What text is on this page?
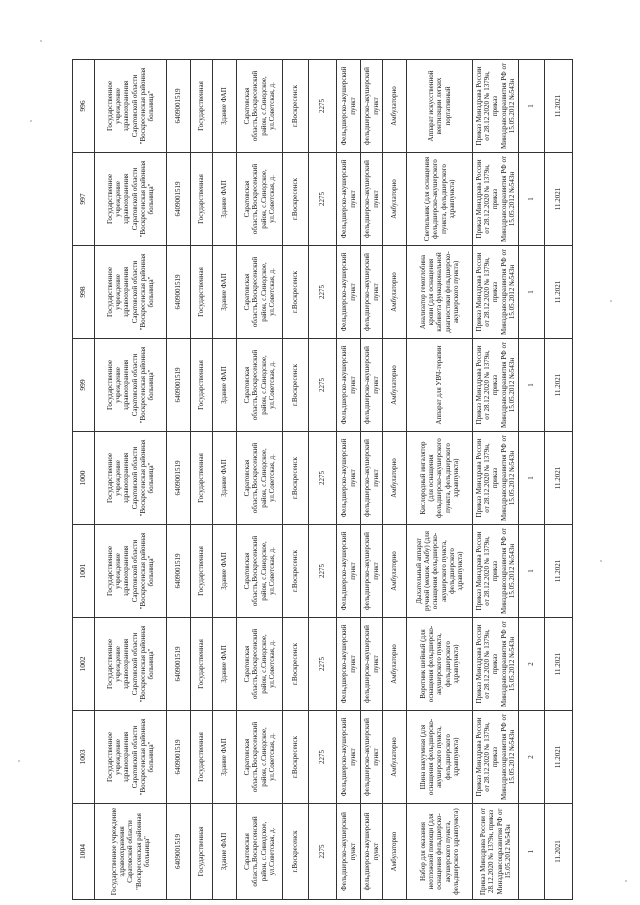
1004	1003	1002	1001	1000	999	998	997	996
Государственное учреждение здравоохранения Саратовской области "Воскресенская районная больница"	Государственное учреждение здравоохранения Саратовской области "Воскресенская районная больница"	Государственное учреждение здравоохранения Саратовской области "Воскресенская районная больница"	Государственное учреждение здравоохранения Саратовской области "Воскресенская районная больница"	Государственное учреждение здравоохранения Саратовской области "Воскресенская районная больница"	Государственное учреждение здравоохранения Саратовской области "Воскресенская районная больница"	Государственное учреждение здравоохранения Саратовской области "Воскресенская районная больница"	Государственное учреждение здравоохранения Саратовской области "Воскресенская районная больница"	Государственное учреждение здравоохранения Саратовской области "Воскресенская районная больница"
6409001519	6409001519	6409001519	6409001519	6409001519	6409001519	6409001519	6409001519	6409001519
Государственная	Государственная	Государственная	Государственная	Государственная	Государственная	Государственная	Государственная	Государственная
Здание ФАП	Здание ФАП	Здание ФАП	Здание ФАП	Здание ФАП	Здание ФАП	Здание ФАП	Здание ФАП	Здание ФАП
Саратовская область,Воскресенский район, с.Синодское, ул.Советская, д.	Саратовская область,Воскресенский район, с.Синодское, ул.Советская, д.	Саратовская область,Воскресенский район, с.Синодское, ул.Советская, д.	Саратовская область,Воскресенский район, с.Синодское, ул.Советская, д.	Саратовская область,Воскресенский район, с.Синодское, ул.Советская, д.	Саратовская область,Воскресенский район, с.Синодское, ул.Советская, д.	Саратовская область,Воскресенский район, с.Синодское, ул.Советская, д.	Саратовская область,Воскресенский район, с.Синодское, ул.Советская, д.	Саратовская область,Воскресенский район, с.Синодское, ул.Советская, д.
г.Воскресенск	г.Воскресенск	г.Воскресенск	г.Воскресенск	г.Воскресенск	г.Воскресенск	г.Воскресенск	г.Воскресенск	г.Воскресенск
2275	2275	2275	2275	2275	2275	2275	2275	2275
Фельдшерско-акушерский пункт	Фельдшерско-акушерский пункт	Фельдшерско-акушерский пункт	Фельдшерско-акушерский пункт	Фельдшерско-акушерский пункт	Фельдшерско-акушерский пункт	Фельдшерско-акушерский пункт	Фельдшерско-акушерский пункт	Фельдшерско-акушерский пункт
фельдшерско-акушерский пункт	фельдшерско-акушерский пункт	фельдшерско-акушерский пункт	фельдшерско-акушерский пункт	фельдшерско-акушерский пункт	фельдшерско-акушерский пункт	фельдшерско-акушерский пункт	фельдшерско-акушерский пункт	фельдшерско-акушерский пункт
Амбулаторно	Амбулаторно	Амбулаторно	Амбулаторно	Амбулаторно	Амбулаторно	Амбулаторно	Амбулаторно	Амбулаторно
Набор для оказания неотложной помощи (для оснащения фельдшерско-акушерского пункта, фельдшерского здравпункта)	Шина вакуумная (для оснащения фельдшерско-акушерского пункта, фельдшерского здравпункта)	Воротник шейный (для оснащения фельдшерско-акушерского пункта, фельдшерского здравпункта)	Дыхательный аппарат ручной (мешок Амбу) (для оснащения фельдшерско-акушерского пункта, фельдшерского здравпункта)	Кислородный ингалятор (для оснащения фельдшерско-акушерского пункта, фельдшерского здравпункта)	Аппарат для УВЧ-терапии	Анализатор гемоглобина крови (для оснащения кабинета функциональной диагностики фельдшерско-акушерского пункта)	Светильник (для оснащения фельдшерско-акушерского пункта, фельдшерского здравпункта)	Аппарат искусственной вентиляции легких портативный
Приказ Минздрава России от 28.12.2020 № 1379н, приказ Минздравсоцразвития РФ от 15.05.2012 №543н	Приказ Минздрава России от 28.12.2020 № 1379н, приказ Минздравсоцразвития РФ от 15.05.2012 №543н	Приказ Минздрава России от 28.12.2020 № 1379н, приказ Минздравсоцразвития РФ от 15.05.2012 №543н	Приказ Минздрава России от 28.12.2020 № 1379н, приказ Минздравсоцразвития РФ от 15.05.2012 №543н	Приказ Минздрава России от 28.12.2020 № 1379н, приказ Минздравсоцразвития РФ от 15.05.2012 №543н	Приказ Минздрава России от 28.12.2020 № 1379н, приказ Минздравсоцразвития РФ от 15.05.2012 №543н	Приказ Минздрава России от 28.12.2020 № 1379н, приказ Минздравсоцразвития РФ от 15.05.2012 №543н	Приказ Минздрава России от 28.12.2020 № 1379н, приказ Минздравсоцразвития РФ от 15.05.2012 №543н	Приказ Минздрава России от 28.12.2020 № 1379н, приказ Минздравсоцразвития РФ от 15.05.2012 №543н
1	2	2	1	1	1	1	1	1
11.2021	11.2021	11.2021	11.2021	11.2021	11.2021	11.2021	11.2021	11.2021
